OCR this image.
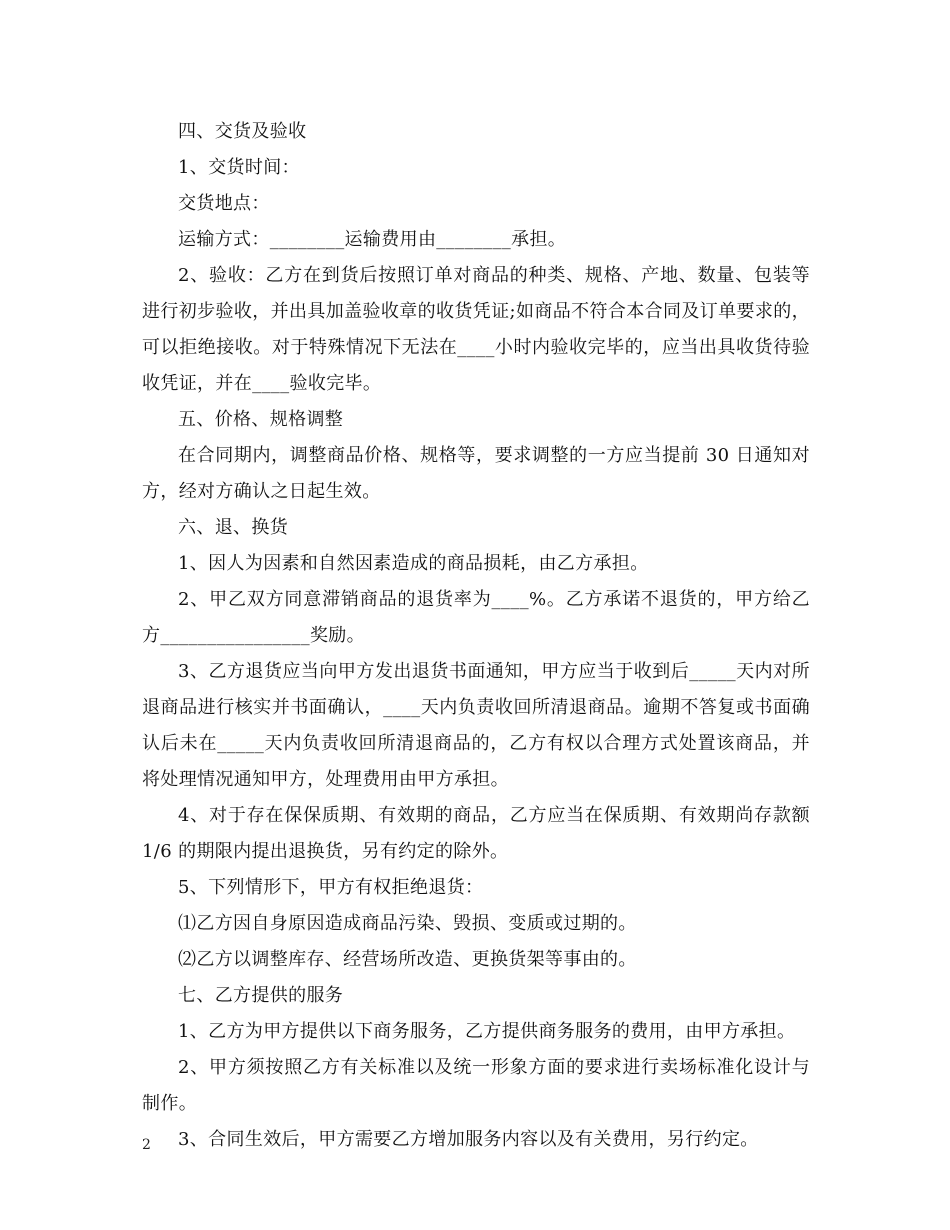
四、交货及验收

1、交货时间：

交货地点：

运输方式：________运输费用由________承担。

2、验收：乙方在到货后按照订单对商品的种类、规格、产地、数量、包装等进行初步验收，并出具加盖验收章的收货凭证;如商品不符合本合同及订单要求的，可以拒绝接收。对于特殊情况下无法在____小时内验收完毕的，应当出具收货待验收凭证，并在____验收完毕。

五、价格、规格调整

在合同期内，调整商品价格、规格等，要求调整的一方应当提前 30 日通知对方，经对方确认之日起生效。

六、退、换货

1、因人为因素和自然因素造成的商品损耗，由乙方承担。

2、甲乙双方同意滞销商品的退货率为____%。乙方承诺不退货的，甲方给乙方________________奖励。

3、乙方退货应当向甲方发出退货书面通知，甲方应当于收到后_____天内对所退商品进行核实并书面确认，____天内负责收回所清退商品。逾期不答复或书面确认后未在_____天内负责收回所清退商品的，乙方有权以合理方式处置该商品，并将处理情况通知甲方，处理费用由甲方承担。

4、对于存在保保质期、有效期的商品，乙方应当在保质期、有效期尚存款额1/6 的期限内提出退换货，另有约定的除外。

5、下列情形下，甲方有权拒绝退货：

⑴乙方因自身原因造成商品污染、毁损、变质或过期的。

⑵乙方以调整库存、经营场所改造、更换货架等事由的。

七、乙方提供的服务

1、乙方为甲方提供以下商务服务，乙方提供商务服务的费用，由甲方承担。

2、甲方须按照乙方有关标准以及统一形象方面的要求进行卖场标准化设计与制作。

3、合同生效后，甲方需要乙方增加服务内容以及有关费用，另行约定。

2
